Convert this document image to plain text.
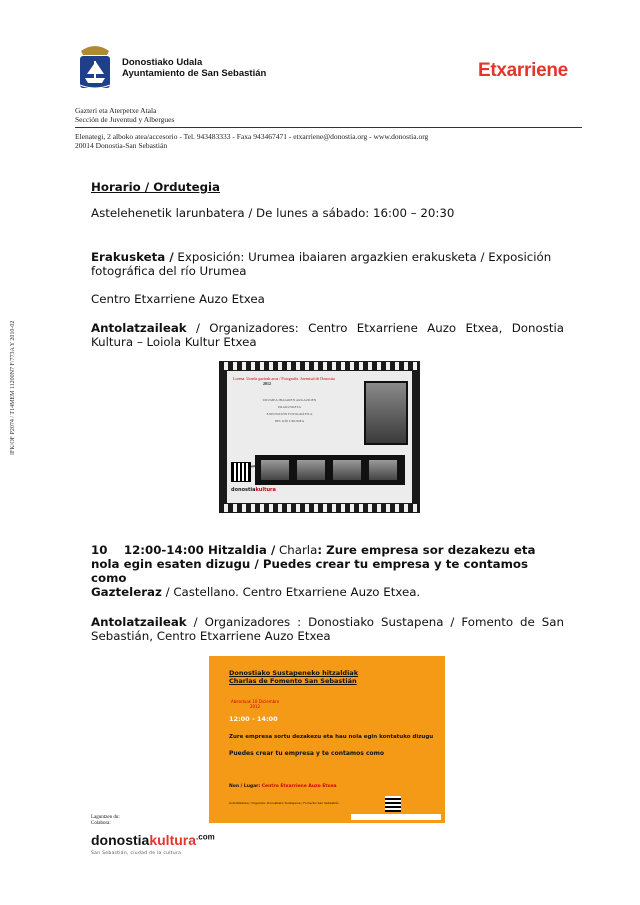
Donostiako Udala
Ayuntamiento de San Sebastián	Etxarriene
Gazteri eta Aterpetxe Atala
Sección de Juventud y Albergues
Elenategi, 2 alboko atea/accesorio - Tel. 943483333 - Faxa 943467471 - etxarriene@donostia.org - www.donostia.org
20014 Donostia-San Sebastián
IFK/OF P2074 / T14MEM 11200N7 F/773A Y 2010-02
Horario / Ordutegia
Astelehenetik larunbatera / De lunes a sábado: 16:00 – 20:30
Erakusketa / Exposición: Urumea ibaiaren argazkien erakusketa / Exposición fotográfica del río Urumea
Centro Etxarriene Auzo Etxea
Antolatzaileak / Organizadores: Centro Etxarriene Auzo Etxea, Donostia Kultura – Loiola Kultur Etxea
Lorena. Urnela gazteak aroa / Fotografía. Juventud de Donostia
2012
URUMEA IBAIAREN ARGAZKIEN
ERAKUSKETA
EXPOSICIÓN FOTOGRÁFICA
DEL RÍO URUMEA
donostiakultura
10 12:00-14:00 Hitzaldia / Charla: Zure empresa sor dezakezu eta nola egin esaten dizugu / Puedes crear tu empresa y te contamos como
Gazteleraz / Castellano. Centro Etxarriene Auzo Etxea.
Antolatzaileak / Organizadores : Donostiako Sustapena / Fomento de San Sebastián, Centro Etxarriene Auzo Etxea
Donostiako Sustapeneko hitzaldiak
Charlas de Fomento San Sebastián
Abenduak 10 Diciembre
2012
12:00 - 14:00
Zure empresa sortu dezakezu eta hau nola egin kontatuko dizugu
Puedes crear tu empresa y te contamos como
Non / Lugar: Centro Etxarriene Auzo Etxea
Antolatzailea / Organiza: Donostiako Sustapena / Fomento San Sebastián
Laguntzen du:
Colabora:
donostiakultura$^{.com}$
San Sebastián, ciudad de la cultura
